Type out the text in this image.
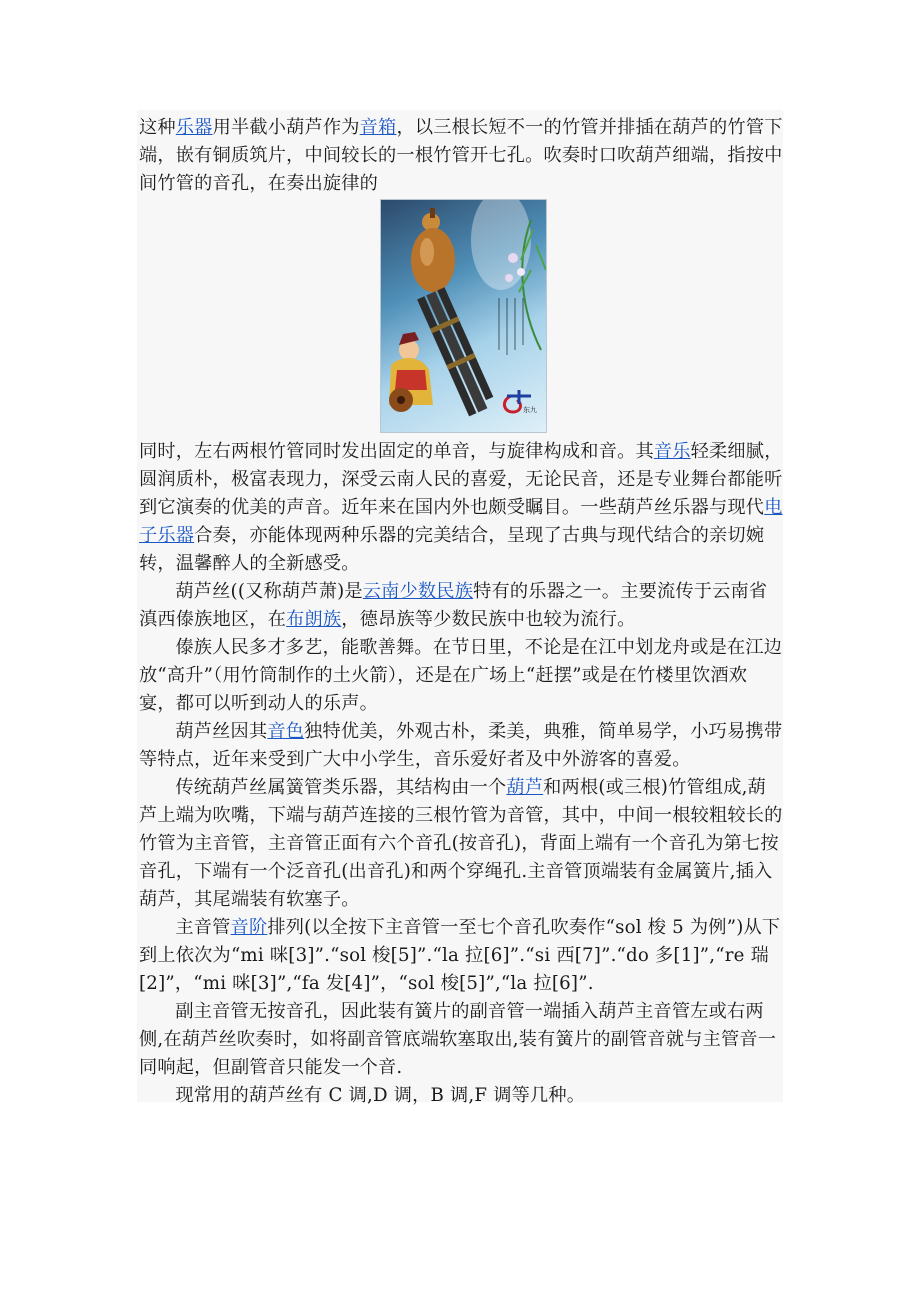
这种乐器用半截小葫芦作为音箱，以三根长短不一的竹管并排插在葫芦的竹管下端，嵌有铜质筑片，中间较长的一根竹管开七孔。吹奏时口吹葫芦细端，指按中间竹管的音孔，在奏出旋律的

东九

同时，左右两根竹管同时发出固定的单音，与旋律构成和音。其音乐轻柔细腻，圆润质朴，极富表现力，深受云南人民的喜爱，无论民音，还是专业舞台都能听到它演奏的优美的声音。近年来在国内外也颇受瞩目。一些葫芦丝乐器与现代电子乐器合奏，亦能体现两种乐器的完美结合，呈现了古典与现代结合的亲切婉转，温馨醉人的全新感受。

葫芦丝((又称葫芦萧)是云南少数民族特有的乐器之一。主要流传于云南省滇西傣族地区，在布朗族，德昂族等少数民族中也较为流行。

傣族人民多才多艺，能歌善舞。在节日里，不论是在江中划龙舟或是在江边放“高升”（用竹筒制作的土火箭），还是在广场上“赶摆”或是在竹楼里饮酒欢宴，都可以听到动人的乐声。

葫芦丝因其音色独特优美，外观古朴，柔美，典雅，简单易学，小巧易携带等特点，近年来受到广大中小学生，音乐爱好者及中外游客的喜爱。

传统葫芦丝属簧管类乐器，其结构由一个葫芦和两根(或三根)竹管组成,葫芦上端为吹嘴，下端与葫芦连接的三根竹管为音管，其中，中间一根较粗较长的竹管为主音管，主音管正面有六个音孔(按音孔)，背面上端有一个音孔为第七按音孔，下端有一个泛音孔(出音孔)和两个穿绳孔.主音管顶端装有金属簧片,插入葫芦，其尾端装有软塞子。

主音管音阶排列(以全按下主音管一至七个音孔吹奏作“sol 梭 5 为例”)从下到上依次为“mi 咪[3]”.“sol 梭[5]”.“la 拉[6]”.“si 西[7]”.“do 多[1]”,“re 瑞[2]”，“mi 咪[3]”,“fa 发[4]”，“sol 梭[5]”,“la 拉[6]”.

副主音管无按音孔，因此装有簧片的副音管一端插入葫芦主音管左或右两侧,在葫芦丝吹奏时，如将副音管底端软塞取出,装有簧片的副管音就与主管音一同响起，但副管音只能发一个音.

现常用的葫芦丝有 C 调,D 调，B 调,F 调等几种。
